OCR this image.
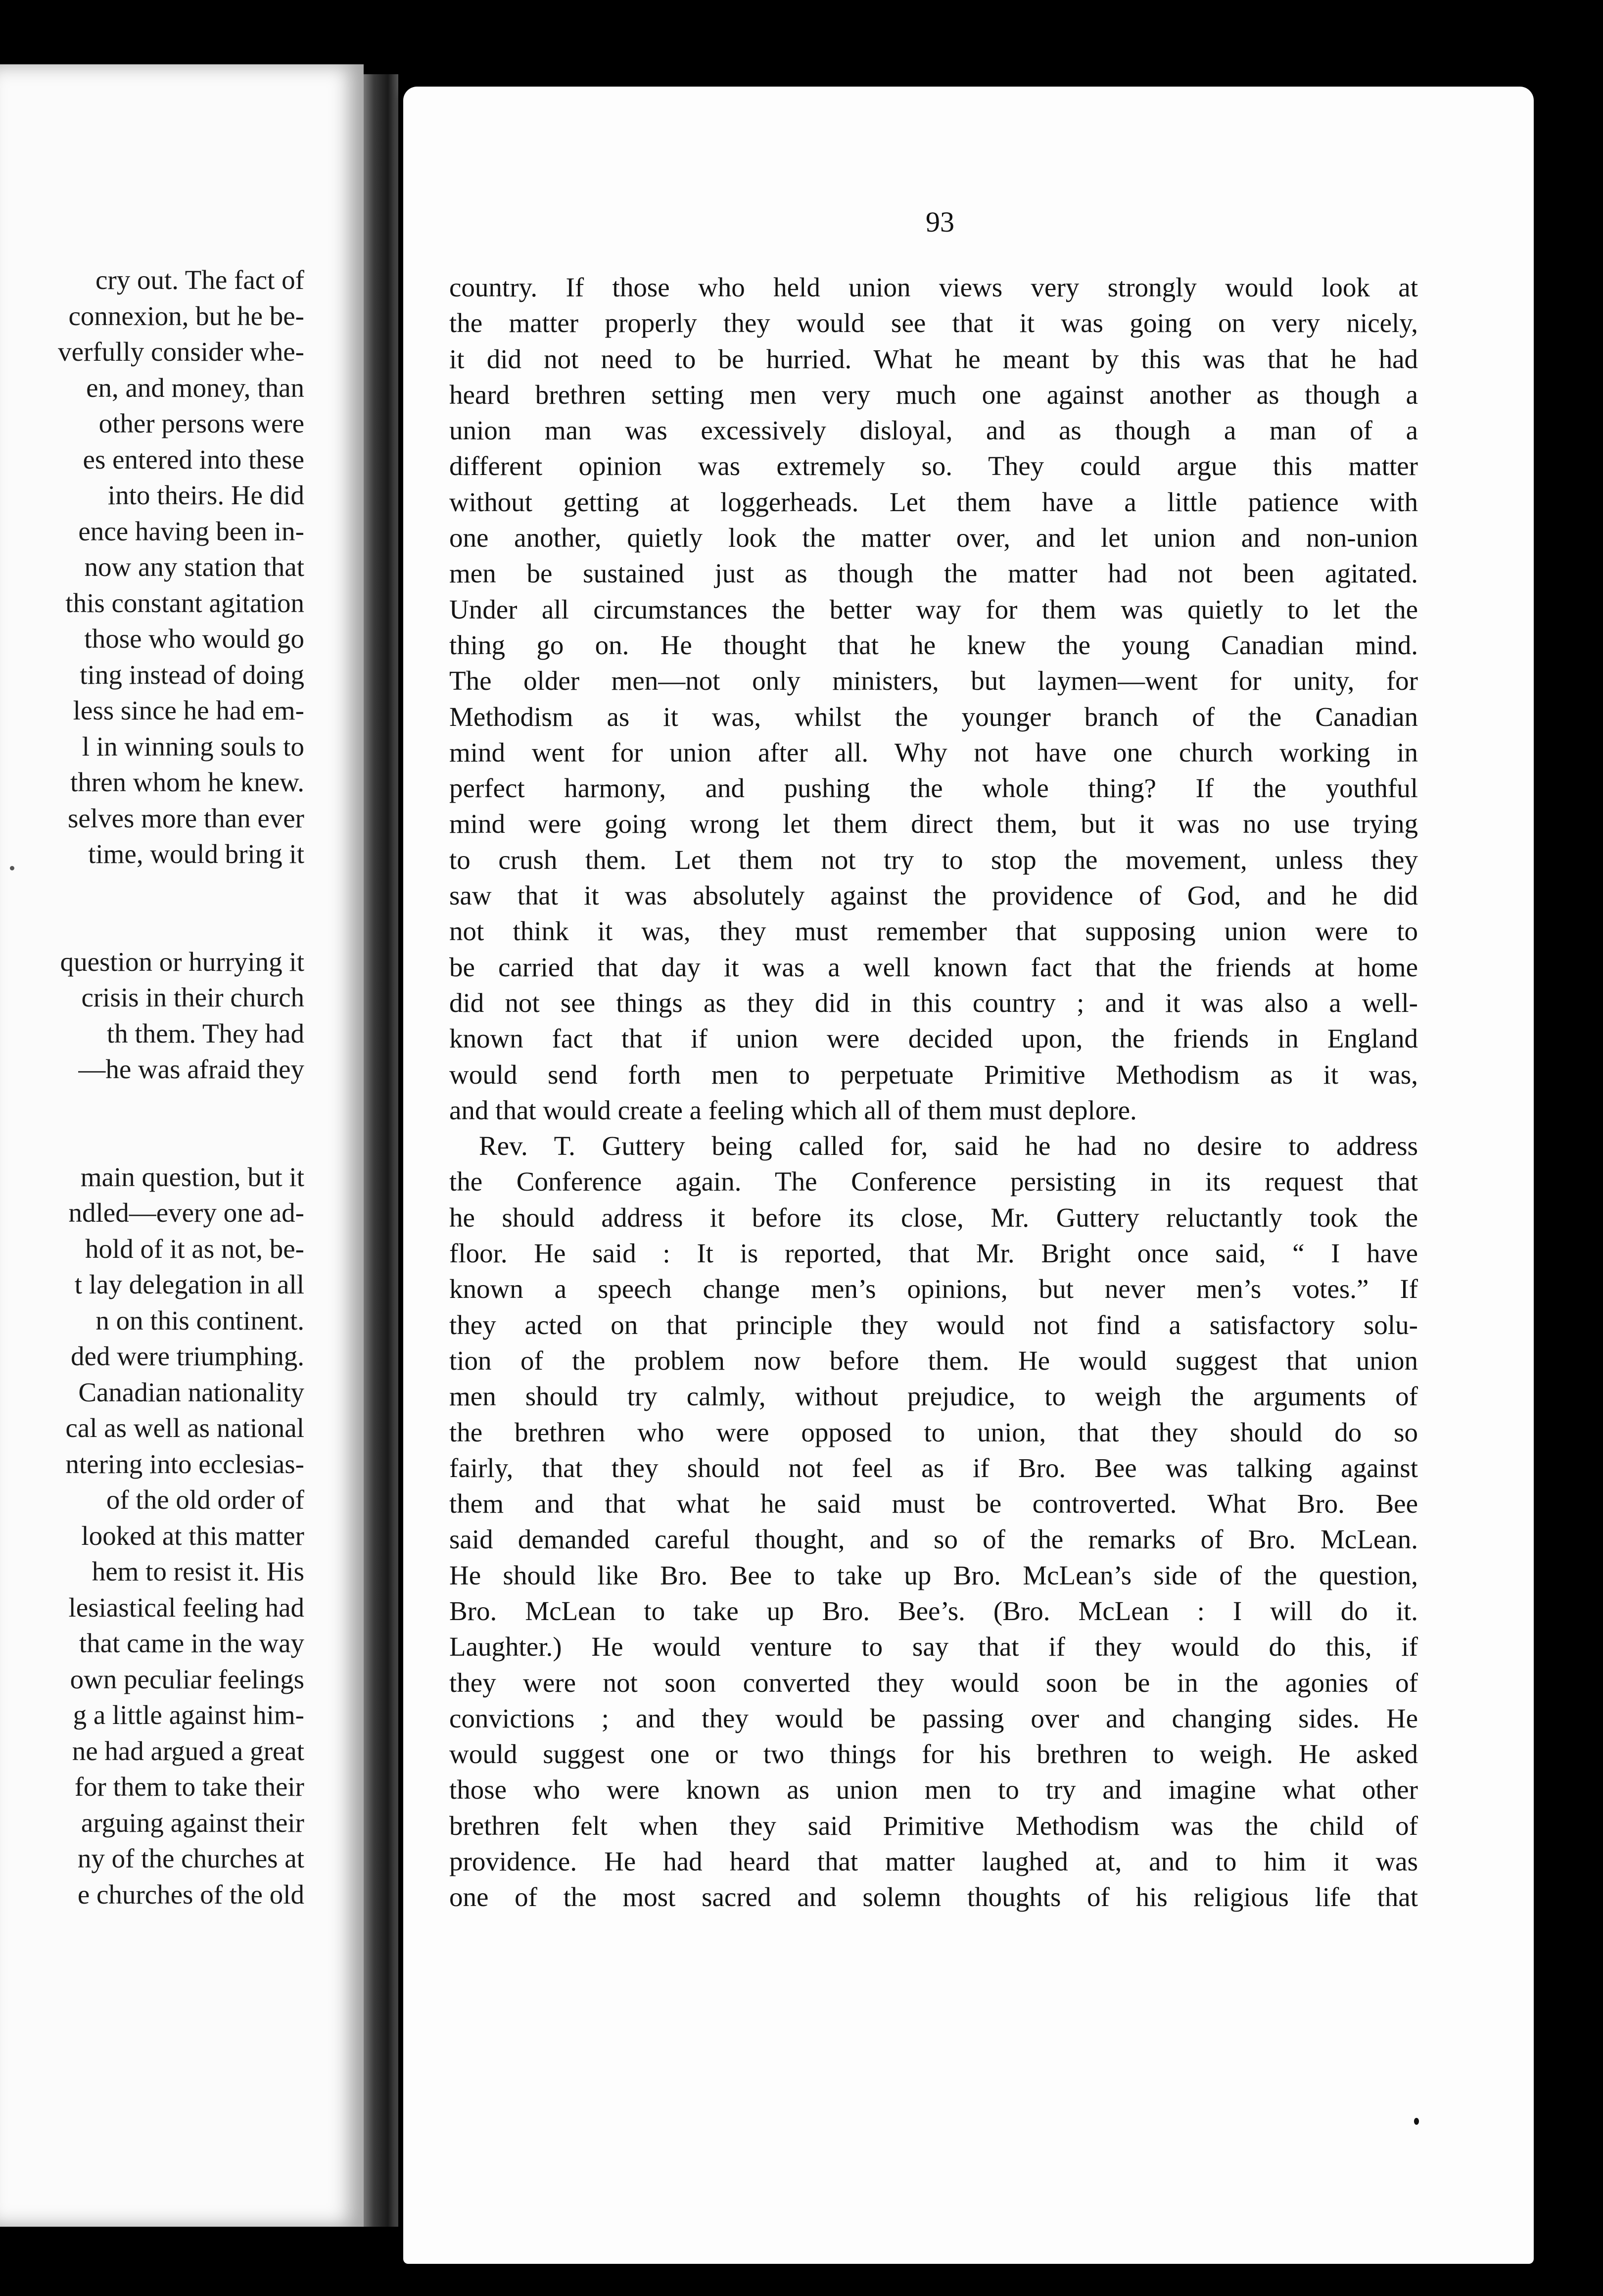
cry out. The fact of
connexion, but he be-
verfully consider whe-
en, and money, than
other persons were
es entered into these
into theirs. He did
ence having been in-
now any station that
this constant agitation
those who would go
ting instead of doing
less since he had em-
l in winning souls to
thren whom he knew.
selves more than ever
time, would bring it
question or hurrying it
crisis in their church
th them. They had
—he was afraid they
main question, but it
ndled—every one ad-
hold of it as not, be-
t lay delegation in all
n on this continent.
ded were triumphing.
Canadian nationality
cal as well as national
ntering into ecclesias-
of the old order of
looked at this matter
hem to resist it. His
lesiastical feeling had
that came in the way
own peculiar feelings
g a little against him-
ne had argued a great
for them to take their
arguing against their
ny of the churches at
e churches of the old
93
country. If those who held union views very strongly would look at
the matter properly they would see that it was going on very nicely,
it did not need to be hurried. What he meant by this was that he had
heard brethren setting men very much one against another as though a
union man was excessively disloyal, and as though a man of a
different opinion was extremely so. They could argue this matter
without getting at loggerheads. Let them have a little patience with
one another, quietly look the matter over, and let union and non-union
men be sustained just as though the matter had not been agitated.
Under all circumstances the better way for them was quietly to let the
thing go on. He thought that he knew the young Canadian mind.
The older men—not only ministers, but laymen—went for unity, for
Methodism as it was, whilst the younger branch of the Canadian
mind went for union after all. Why not have one church working in
perfect harmony, and pushing the whole thing? If the youthful
mind were going wrong let them direct them, but it was no use trying
to crush them. Let them not try to stop the movement, unless they
saw that it was absolutely against the providence of God, and he did
not think it was, they must remember that supposing union were to
be carried that day it was a well known fact that the friends at home
did not see things as they did in this country ; and it was also a well-
known fact that if union were decided upon, the friends in England
would send forth men to perpetuate Primitive Methodism as it was,
and that would create a feeling which all of them must deplore.
Rev. T. Guttery being called for, said he had no desire to address
the Conference again. The Conference persisting in its request that
he should address it before its close, Mr. Guttery reluctantly took the
floor. He said : It is reported, that Mr. Bright once said, “ I have
known a speech change men’s opinions, but never men’s votes.” If
they acted on that principle they would not find a satisfactory solu-
tion of the problem now before them. He would suggest that union
men should try calmly, without prejudice, to weigh the arguments of
the brethren who were opposed to union, that they should do so
fairly, that they should not feel as if Bro. Bee was talking against
them and that what he said must be controverted. What Bro. Bee
said demanded careful thought, and so of the remarks of Bro. McLean.
He should like Bro. Bee to take up Bro. McLean’s side of the question,
Bro. McLean to take up Bro. Bee’s. (Bro. McLean : I will do it.
Laughter.) He would venture to say that if they would do this, if
they were not soon converted they would soon be in the agonies of
convictions ; and they would be passing over and changing sides. He
would suggest one or two things for his brethren to weigh. He asked
those who were known as union men to try and imagine what other
brethren felt when they said Primitive Methodism was the child of
providence. He had heard that matter laughed at, and to him it was
one of the most sacred and solemn thoughts of his religious life that
